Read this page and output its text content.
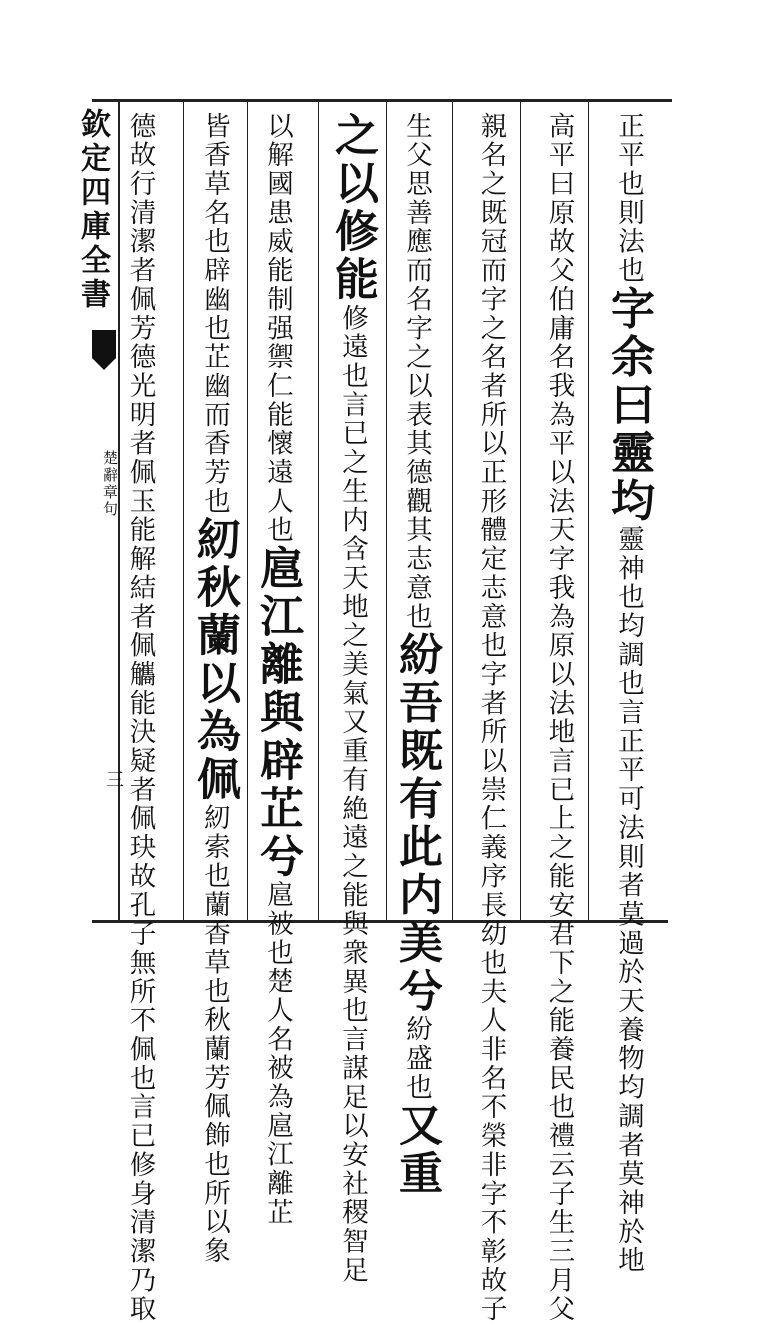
欽定四庫全書
楚辭章句
三
正平也則法也字余曰靈均靈神也均調也言正平可法則者莫過於天養物均調者莫神於地
高平曰原故父伯庸名我為平以法天字我為原以法地言已上之能安君下之能養民也禮云子生三月父
親名之既冠而字之名者所以正形體定志意也字者所以崇仁義序長幼也夫人非名不榮非字不彰故子
生父思善應而名字之以表其德觀其志意也紛吾既有此内美兮紛盛也又重
之以修能修遠也言已之生内含天地之美氣又重有絶遠之能與衆異也言謀足以安社稷智足
以解國患威能制强禦仁能懷遠人也扈江離與辟芷兮扈被也楚人名被為扈江離芷
皆香草名也辟幽也芷幽而香芳也紉秋蘭以為佩紉索也蘭香草也秋蘭芳佩飾也所以象
德故行清潔者佩芳德光明者佩玉能解結者佩觿能決疑者佩玦故孔子無所不佩也言已修身清潔乃取
